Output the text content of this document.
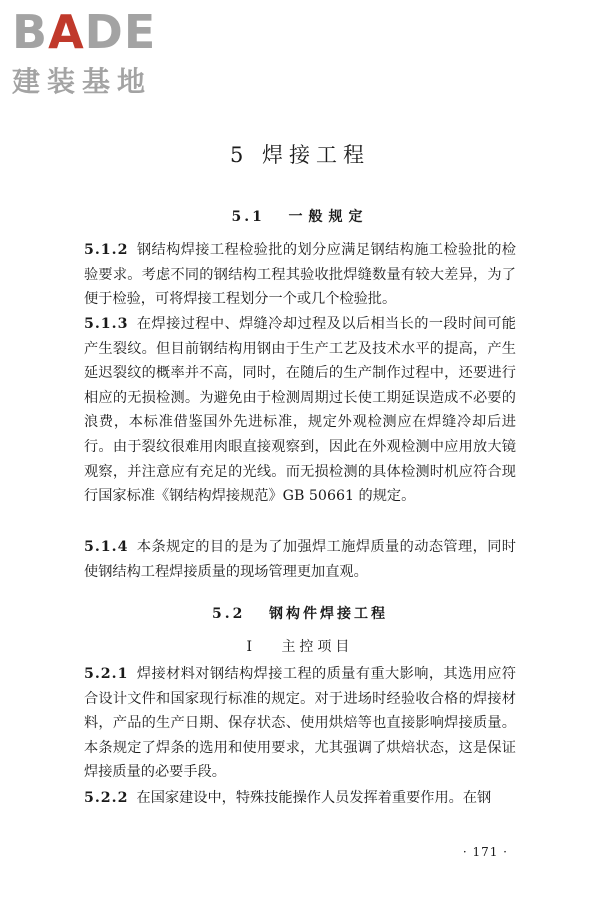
BADE
建装基地
5 焊接工程
5.1 一般规定

5.1.2 钢结构焊接工程检验批的划分应满足钢结构施工检验批的检验要求。考虑不同的钢结构工程其验收批焊缝数量有较大差异，为了便于检验，可将焊接工程划分一个或几个检验批。

5.1.3 在焊接过程中、焊缝冷却过程及以后相当长的一段时间可能产生裂纹。但目前钢结构用钢由于生产工艺及技术水平的提高，产生延迟裂纹的概率并不高，同时，在随后的生产制作过程中，还要进行相应的无损检测。为避免由于检测周期过长使工期延误造成不必要的浪费，本标准借鉴国外先进标准，规定外观检测应在焊缝冷却后进行。由于裂纹很难用肉眼直接观察到，因此在外观检测中应用放大镜观察，并注意应有充足的光线。而无损检测的具体检测时机应符合现行国家标准《钢结构焊接规范》GB 50661 的规定。

5.1.4 本条规定的目的是为了加强焊工施焊质量的动态管理，同时使钢结构工程焊接质量的现场管理更加直观。

5.2 钢构件焊接工程
Ⅰ 主控项目

5.2.1 焊接材料对钢结构焊接工程的质量有重大影响，其选用应符合设计文件和国家现行标准的规定。对于进场时经验收合格的焊接材料，产品的生产日期、保存状态、使用烘焙等也直接影响焊接质量。本条规定了焊条的选用和使用要求，尤其强调了烘焙状态，这是保证焊接质量的必要手段。

5.2.2 在国家建设中，特殊技能操作人员发挥着重要作用。在钢

· 171 ·
